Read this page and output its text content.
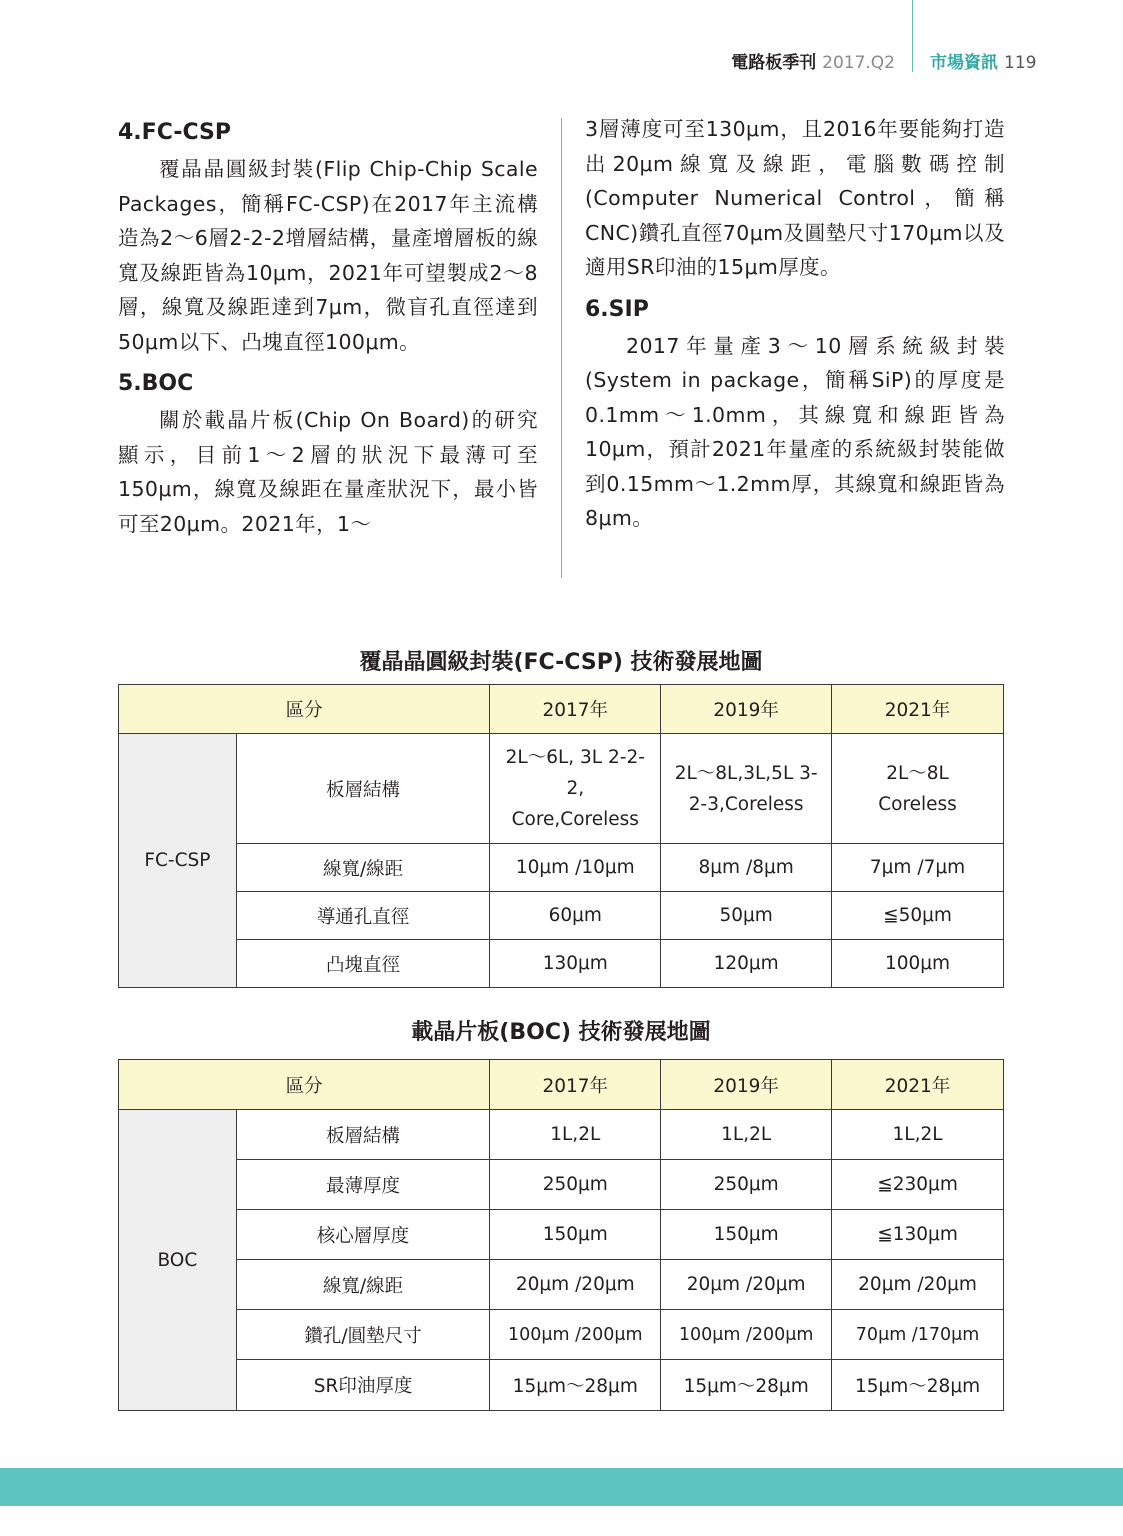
電路板季刊 2017.Q2 市場資訊 119
4.FC-CSP

覆晶晶圓級封裝(Flip Chip-Chip Scale Packages，簡稱FC-CSP)在2017年主流構造為2～6層2-2-2增層結構，量產增層板的線寬及線距皆為10μm，2021年可望製成2～8層，線寬及線距達到7μm，微盲孔直徑達到50μm以下、凸塊直徑100μm。

5.BOC

關於載晶片板(Chip On Board)的研究顯示，目前1～2層的狀況下最薄可至150μm，線寬及線距在量產狀況下，最小皆可至20μm。2021年，1～

3層薄度可至130μm，且2016年要能夠打造出20μm線寬及線距，電腦數碼控制(Computer Numerical Control，簡稱CNC)鑽孔直徑70μm及圓墊尺寸170μm以及適用SR印油的15μm厚度。

6.SIP

2017年量產3～10層系統級封裝(System in package，簡稱SiP)的厚度是0.1mm～1.0mm，其線寬和線距皆為10μm，預計2021年量產的系統級封裝能做到0.15mm～1.2mm厚，其線寬和線距皆為8μm。

覆晶晶圓級封裝(FC-CSP) 技術發展地圖
區分		2017年	2019年	2021年
FC-CSP	板層結構	2L～6L, 3L 2-2-2, Core,Coreless	2L～8L,3L,5L 3-2-3,Coreless	2L～8L Coreless
	線寬/線距	10μm /10μm	8μm /8μm	7μm /7μm
	導通孔直徑	60μm	50μm	≦50μm
	凸塊直徑	130μm	120μm	100μm
載晶片板(BOC) 技術發展地圖
區分		2017年	2019年	2021年
BOC	板層結構	1L,2L	1L,2L	1L,2L
	最薄厚度	250μm	250μm	≦230μm
	核心層厚度	150μm	150μm	≦130μm
	線寬/線距	20μm /20μm	20μm /20μm	20μm /20μm
	鑽孔/圓墊尺寸	100μm /200μm	100μm /200μm	70μm /170μm
	SR印油厚度	15μm～28μm	15μm～28μm	15μm～28μm
